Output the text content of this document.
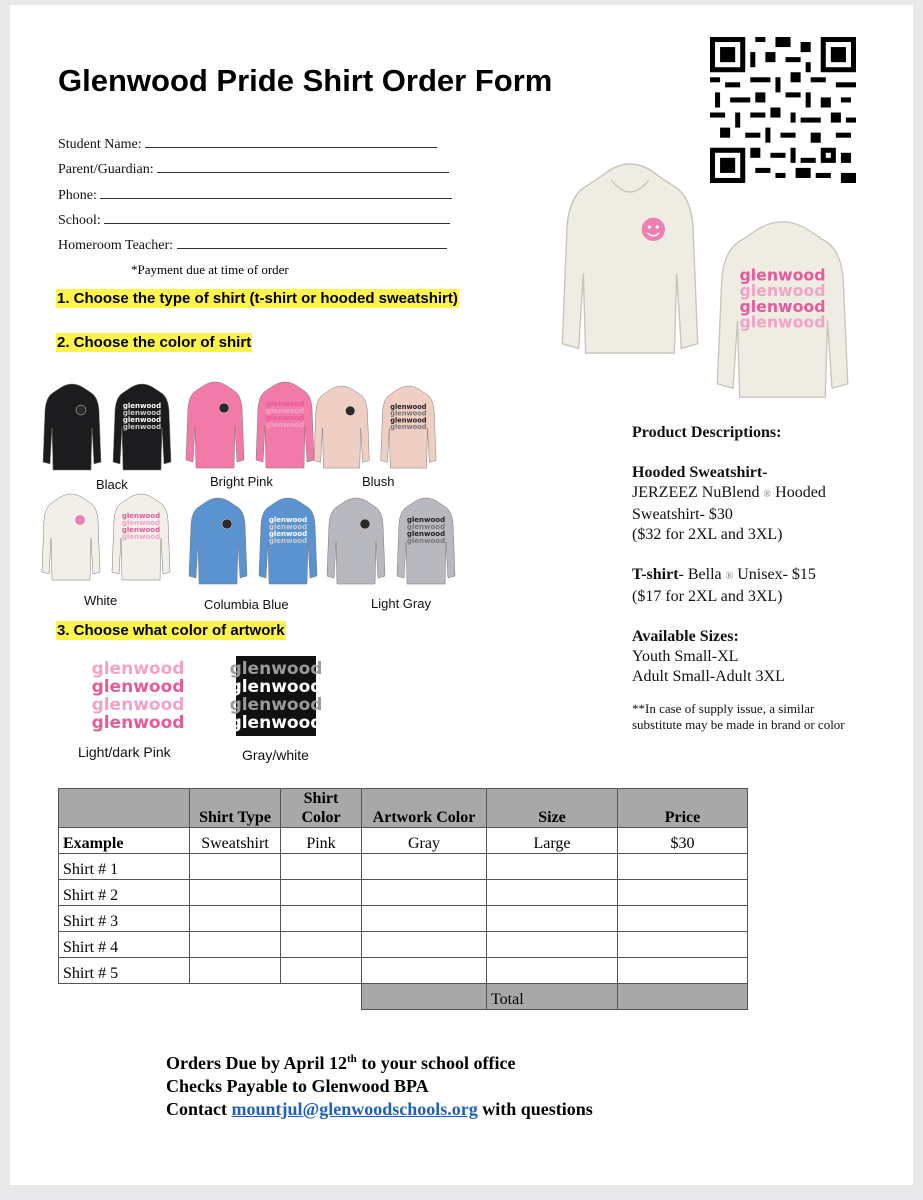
Glenwood Pride Shirt Order Form
Student Name:
Parent/Guardian:
Phone:
School:
Homeroom Teacher:
*Payment due at time of order
1. Choose the type of shirt (t-shirt or hooded sweatshirt)
2. Choose the color of shirt
3. Choose what color of artwork
glenwood
glenwood
glenwood
glenwood
glenwood
glenwood
glenwood
glenwood
glenwood
glenwood
glenwood
glenwood
Light/dark Pink	Gray/white
Product Descriptions:
Hooded Sweatshirt-
JERZEEZ NuBlend ® Hooded
Sweatshirt- $30
($32 for 2XL and 3XL)
T-shirt- Bella ® Unisex- $15
($17 for 2XL and 3XL)
Available Sizes:
Youth Small-XL
Adult Small-Adult 3XL
**In case of supply issue, a similar substitute may be made in brand or color
	Shirt Type	Shirt Color	Artwork Color	Size	Price
Example	Sweatshirt	Pink	Gray	Large	$30
Shirt # 1					
Shirt # 2					
Shirt # 3					
Shirt # 4					
Shirt # 5					
				Total	
Orders Due by April 12th to your school office
Checks Payable to Glenwood BPA
Contact mountjul@glenwoodschools.org with questions
glenwood
glenwood
glenwood
glenwood
Black
glenwood
glenwood
glenwood
glenwood
Bright Pink
glenwood
glenwood
glenwood
glenwood
Blush
glenwood
glenwood
glenwood
glenwood
White
glenwood
glenwood
glenwood
glenwood
Columbia Blue
glenwood
glenwood
glenwood
glenwood
Light Gray
